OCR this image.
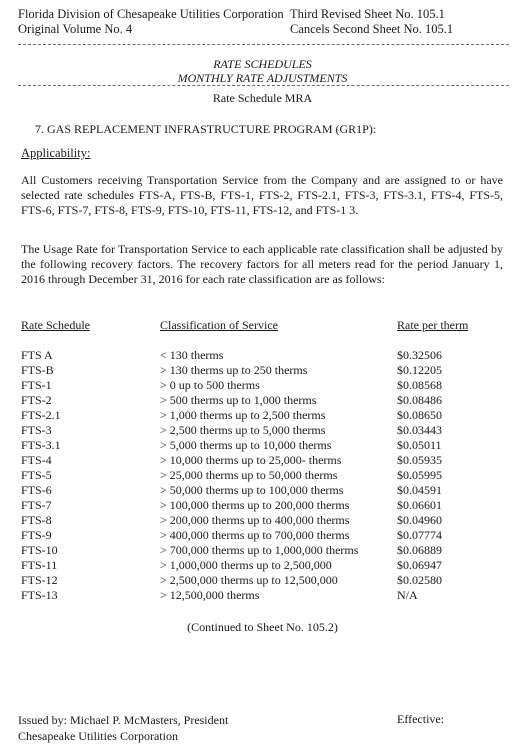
Florida Division of Chesapeake Utilities Corporation
Original Volume No. 4
Third Revised Sheet No. 105.1
Cancels Second Sheet No. 105.1
RATE SCHEDULES
MONTHLY RATE ADJUSTMENTS
Rate Schedule MRA
7. GAS REPLACEMENT INFRASTRUCTURE PROGRAM (GR1P):
Applicability:
All Customers receiving Transportation Service from the Company and are assigned to or have selected rate schedules FTS-A, FTS-B, FTS-1, FTS-2, FTS-2.1, FTS-3, FTS-3.1, FTS-4, FTS-5, FTS-6, FTS-7, FTS-8, FTS-9, FTS-10, FTS-11, FTS-12, and FTS-1 3.
The Usage Rate for Transportation Service to each applicable rate classification shall be adjusted by the following recovery factors. The recovery factors for all meters read for the period January 1, 2016 through December 31, 2016 for each rate classification are as follows:
Rate Schedule	Classification of Service	Rate per therm
FTS A	< 130 therms	$0.32506
FTS-B	> 130 therms up to 250 therms	$0.12205
FTS-1	> 0 up to 500 therms	$0.08568
FTS-2	> 500 therms up to 1,000 therms	$0.08486
FTS-2.1	> 1,000 therms up to 2,500 therms	$0.08650
FTS-3	> 2,500 therms up to 5,000 therms	$0.03443
FTS-3.1	> 5,000 therms up to 10,000 therms	$0.05011
FTS-4	> 10,000 therms up to 25,000- therms	$0.05935
FTS-5	> 25,000 therms up to 50,000 therms	$0.05995
FTS-6	> 50,000 therms up to 100,000 therms	$0.04591
FTS-7	> 100,000 therms up to 200,000 therms	$0.06601
FTS-8	> 200,000 therms up to 400,000 therms	$0.04960
FTS-9	> 400,000 therms up to 700,000 therms	$0.07774
FTS-10	> 700,000 therms up to 1,000,000 therms	$0.06889
FTS-11	> 1,000,000 therms up to 2,500,000	$0.06947
FTS-12	> 2,500,000 therms up to 12,500,000	$0.02580
FTS-13	> 12,500,000 therms	N/A
(Continued to Sheet No. 105.2)
Issued by: Michael P. McMasters, President
Chesapeake Utilities Corporation
Effective:
